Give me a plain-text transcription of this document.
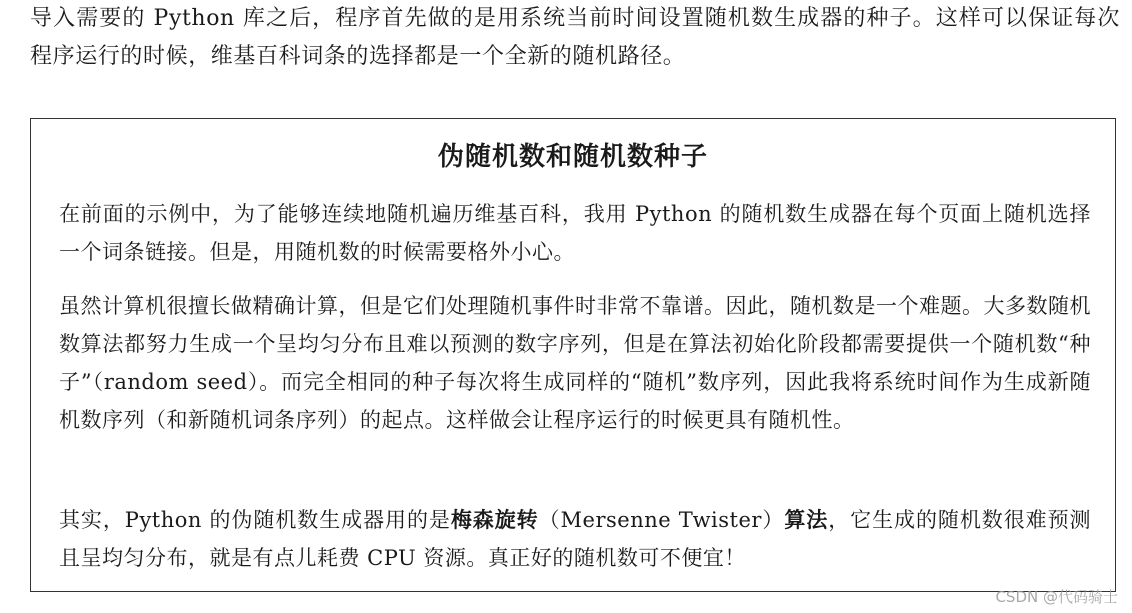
导入需要的 Python 库之后，程序首先做的是用系统当前时间设置随机数生成器的种子。这样可以保证每次程序运行的时候，维基百科词条的选择都是一个全新的随机路径。

伪随机数和随机数种子

在前面的示例中，为了能够连续地随机遍历维基百科，我用 Python 的随机数生成器在每个页面上随机选择一个词条链接。但是，用随机数的时候需要格外小心。

虽然计算机很擅长做精确计算，但是它们处理随机事件时非常不靠谱。因此，随机数是一个难题。大多数随机数算法都努力生成一个呈均匀分布且难以预测的数字序列，但是在算法初始化阶段都需要提供一个随机数“种子”（random seed）。而完全相同的种子每次将生成同样的“随机”数序列，因此我将系统时间作为生成新随机数序列（和新随机词条序列）的起点。这样做会让程序运行的时候更具有随机性。

其实，Python 的伪随机数生成器用的是梅森旋转（Mersenne Twister）算法，它生成的随机数很难预测且呈均匀分布，就是有点儿耗费 CPU 资源。真正好的随机数可不便宜！

CSDN @代码骑士
